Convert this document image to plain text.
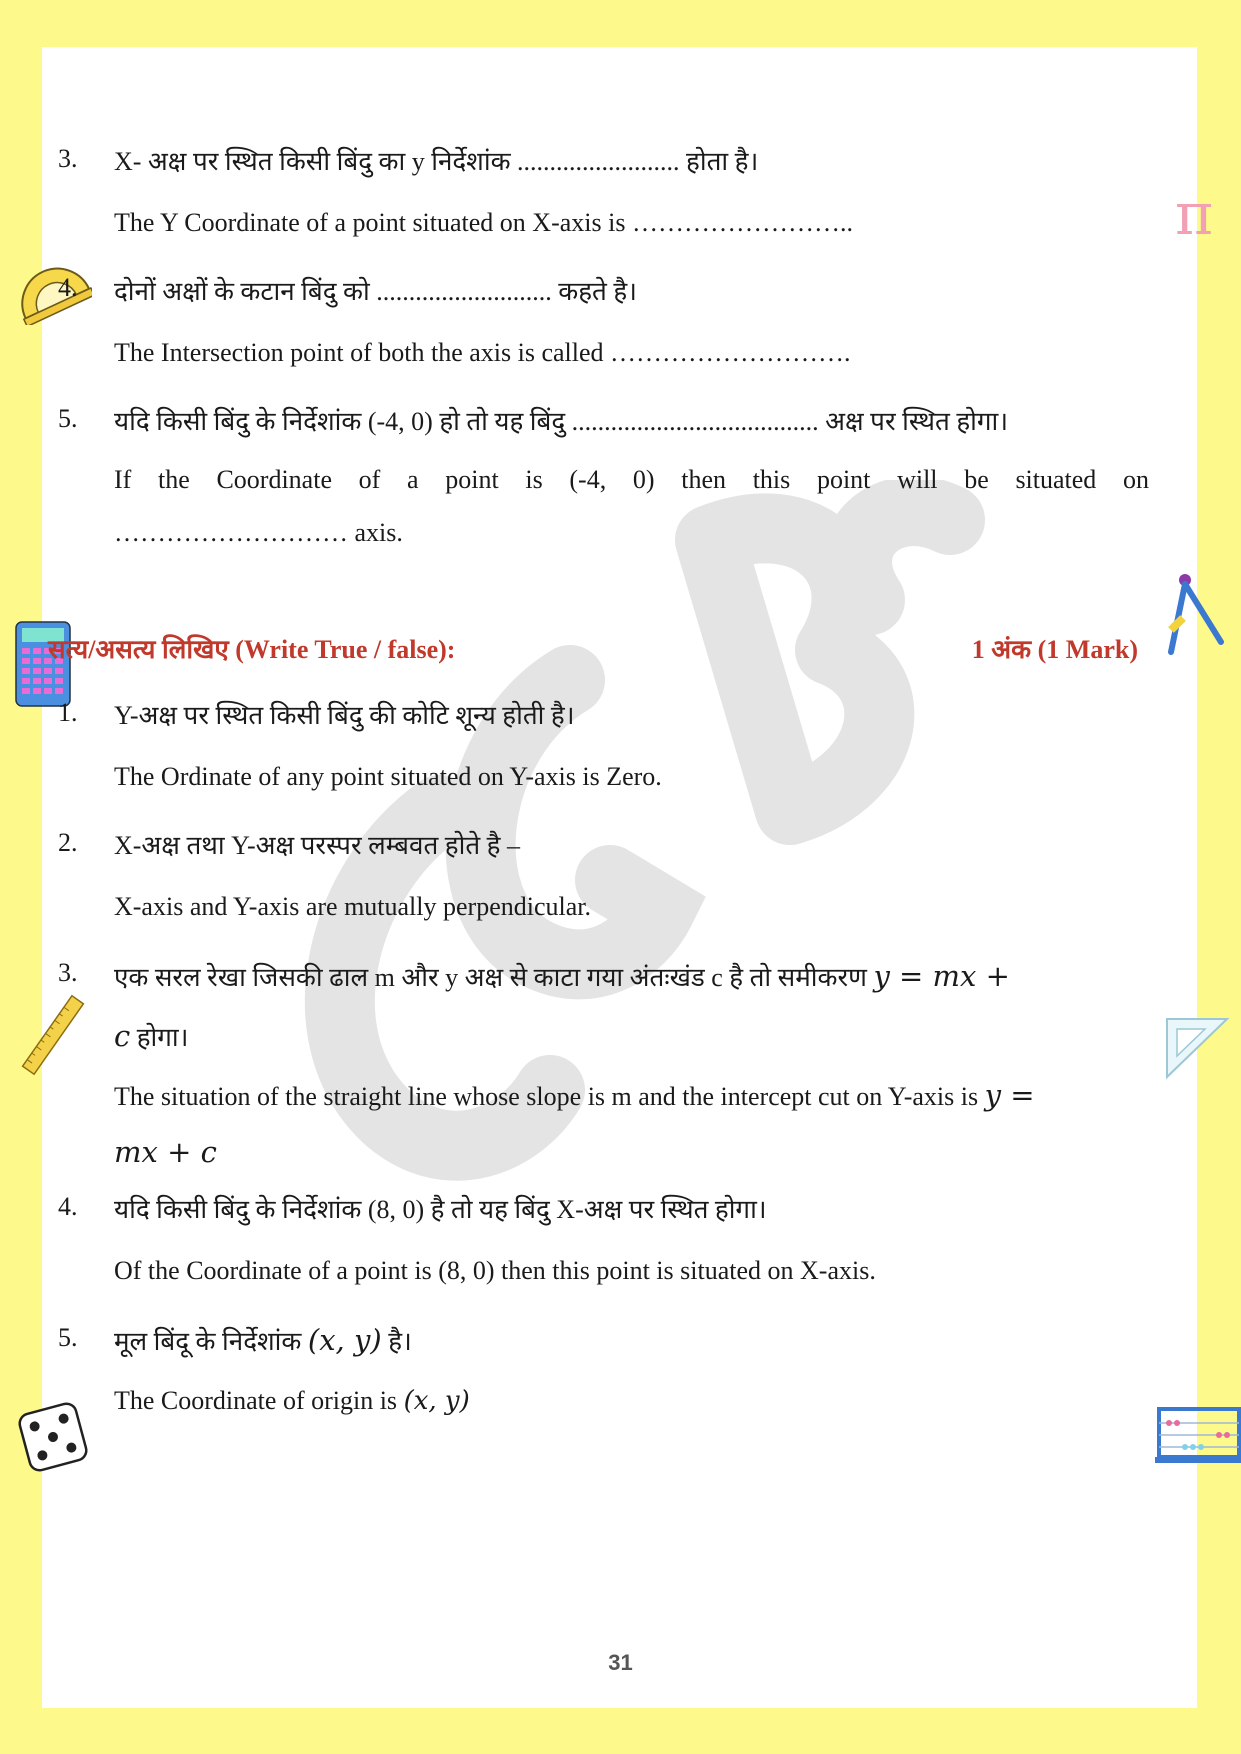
π
3. X- अक्ष पर स्थित किसी बिंदु का y निर्देशांक ......................... होता है।
The Y Coordinate of a point situated on X-axis is ……………………..
4. दोनों अक्षों के कटान बिंदु को ........................... कहते है।
The Intersection point of both the axis is called ……………………….
5. यदि किसी बिंदु के निर्देशांक (-4, 0) हो तो यह बिंदु ...................................... अक्ष पर स्थित होगा।
If the Coordinate of a point is (-4, 0) then this point will be situated on
……………………… axis.
सत्य/असत्य लिखिए (Write True / false):	1 अंक (1 Mark)
1. Y-अक्ष पर स्थित किसी बिंदु की कोटि शून्य होती है।
The Ordinate of any point situated on Y-axis is Zero.
2. X-अक्ष तथा Y-अक्ष परस्पर लम्बवत होते है –
X-axis and Y-axis are mutually perpendicular.
3. एक सरल रेखा जिसकी ढाल m और y अक्ष से काटा गया अंतःखंड c है तो समीकरण y = mx +
c होगा।
The situation of the straight line whose slope is m and the intercept cut on Y-axis is y =
mx + c
4. यदि किसी बिंदु के निर्देशांक (8, 0) है तो यह बिंदु X-अक्ष पर स्थित होगा।
Of the Coordinate of a point is (8, 0) then this point is situated on X-axis.
5. मूल बिंदू के निर्देशांक (x, y) है।
The Coordinate of origin is (x, y)
31
